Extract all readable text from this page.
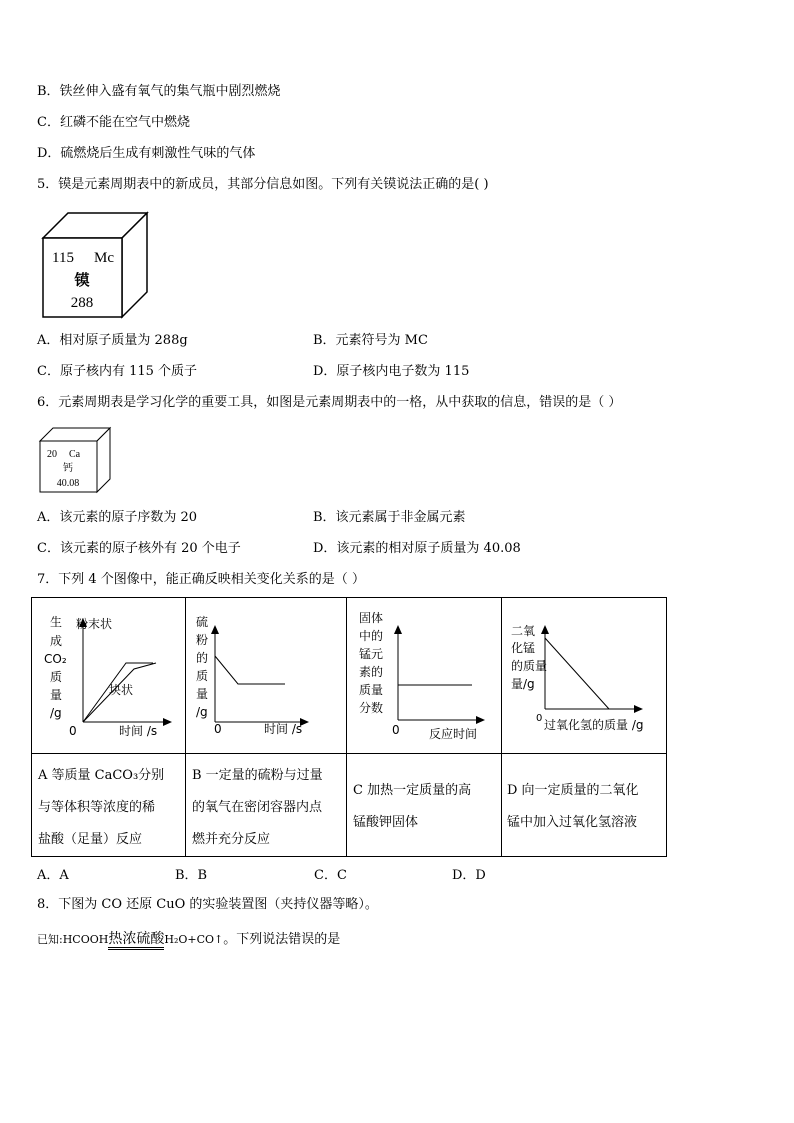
B．铁丝伸入盛有氧气的集气瓶中剧烈燃烧
C．红磷不能在空气中燃烧
D．硫燃烧后生成有刺激性气味的气体
5．镆是元素周期表中的新成员，其部分信息如图。下列有关镆说法正确的是( )
115 Mc
镆
288
A．相对原子质量为 288g	B．元素符号为 MC
C．原子核内有 115 个质子	D．原子核内电子数为 115
6．元素周期表是学习化学的重要工具，如图是元素周期表中的一格，从中获取的信息，错误的是（ ）
20 Ca
钙
40.08
A．该元素的原子序数为 20	B．该元素属于非金属元素
C．该元素的原子核外有 20 个电子	D．该元素的相对原子质量为 40.08
7．下列 4 个图像中，能正确反映相关变化关系的是（ ）
生
成
CO₂
质
量
/g
粉末状
块状
0	时间 /s
硫
粉
的
质
量
/g
0	时间 /s
固体
中的
锰元
素的
质量
分数
0 反应时间
二氧
化锰
的质量
量/g
0 过氧化氢的质量 /g
A 等质量 CaCO₃分别
与等体积等浓度的稀
盐酸（足量）反应
B 一定量的硫粉与过量
的氧气在密闭容器内点
燃并充分反应
C 加热一定质量的高
锰酸钾固体
D 向一定质量的二氧化
锰中加入过氧化氢溶液
A．A	B．B	C．C	D．D
8．下图为 CO 还原 CuO 的实验装置图（夹持仪器等略）。
已知:HCOOH热浓硫酸H₂O+CO↑。下列说法错误的是
